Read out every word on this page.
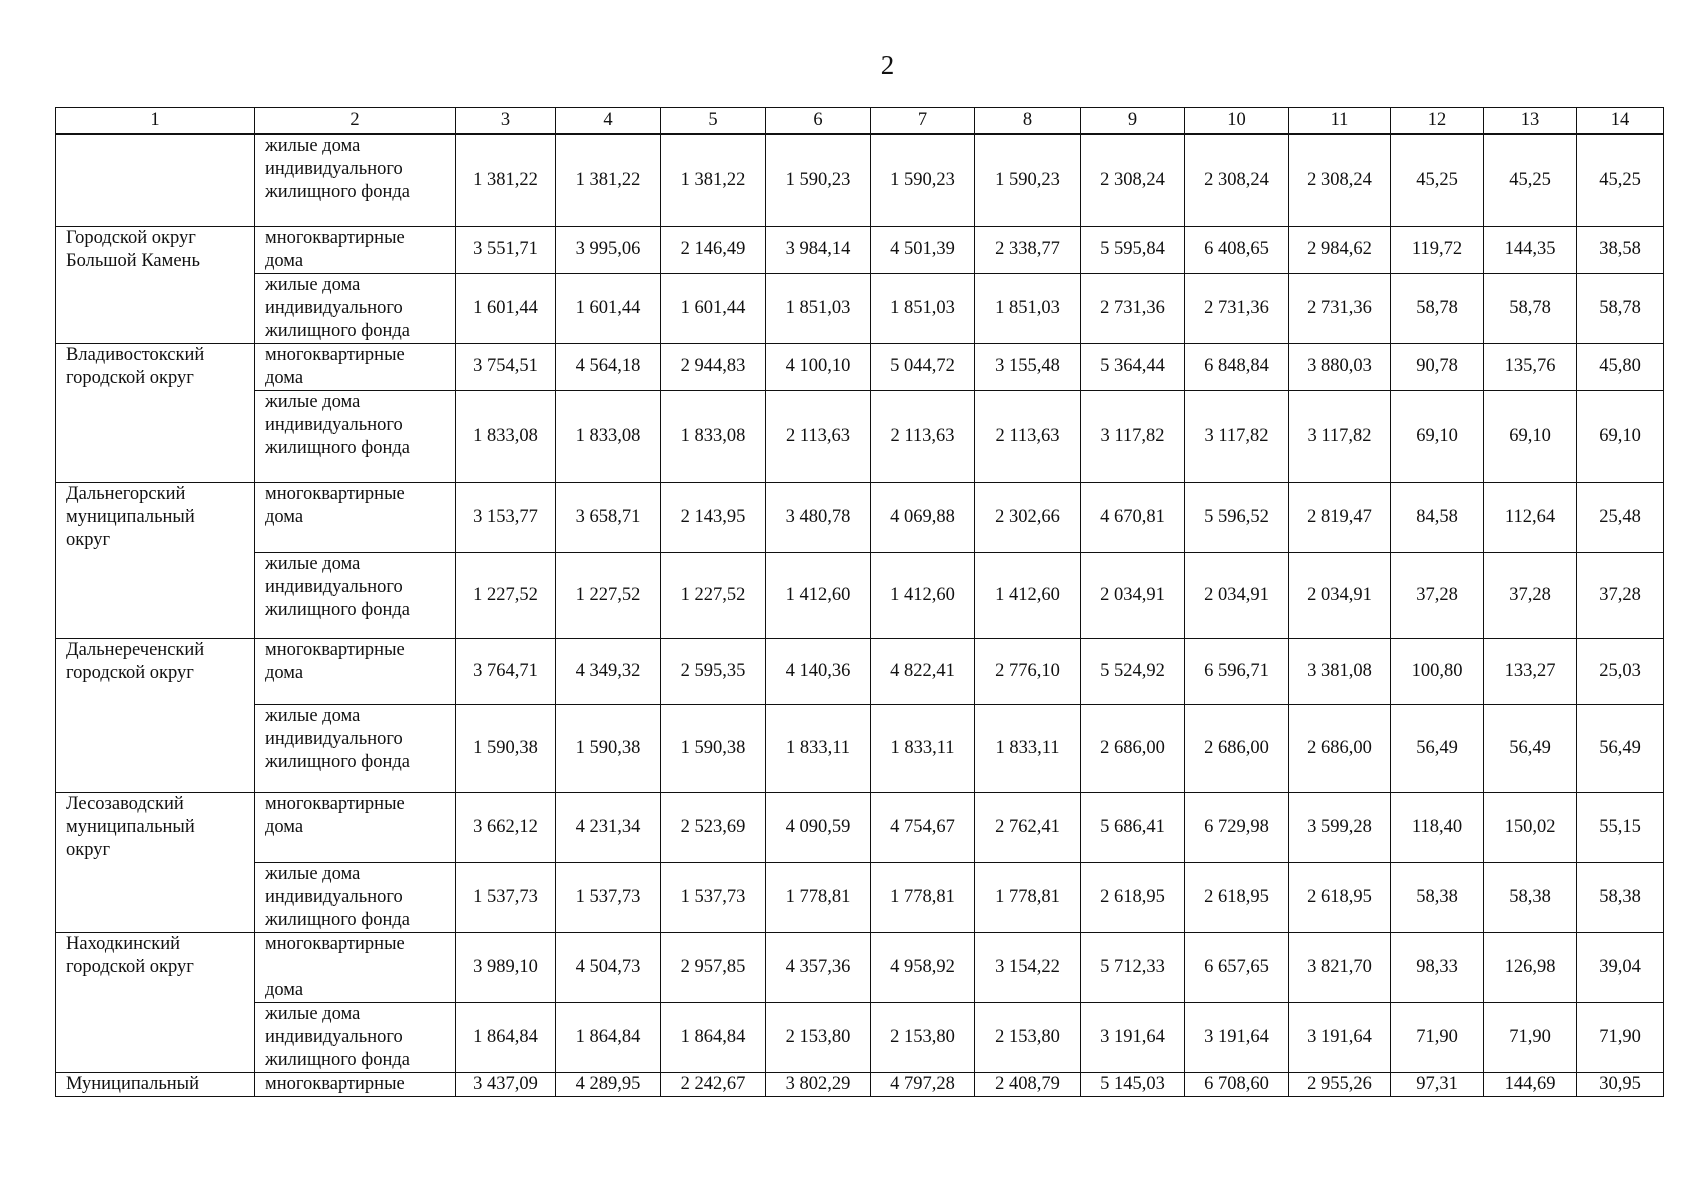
2
1	2	3	4	5	6	7	8	9	10	11	12	13	14

	жилые дома
индивидуального
жилищного фонда	1 381,22	1 381,22	1 381,22	1 590,23	1 590,23	1 590,23	2 308,24	2 308,24	2 308,24	45,25	45,25	45,25

Городской округ
Большой Камень	многоквартирные
дома	3 551,71	3 995,06	2 146,49	3 984,14	4 501,39	2 338,77	5 595,84	6 408,65	2 984,62	119,72	144,35	38,58

	жилые дома
индивидуального
жилищного фонда	1 601,44	1 601,44	1 601,44	1 851,03	1 851,03	1 851,03	2 731,36	2 731,36	2 731,36	58,78	58,78	58,78

Владивостокский
городской округ	многоквартирные
дома	3 754,51	4 564,18	2 944,83	4 100,10	5 044,72	3 155,48	5 364,44	6 848,84	3 880,03	90,78	135,76	45,80

	жилые дома
индивидуального
жилищного фонда	1 833,08	1 833,08	1 833,08	2 113,63	2 113,63	2 113,63	3 117,82	3 117,82	3 117,82	69,10	69,10	69,10

Дальнегорский
муниципальный
округ	многоквартирные
дома	3 153,77	3 658,71	2 143,95	3 480,78	4 069,88	2 302,66	4 670,81	5 596,52	2 819,47	84,58	112,64	25,48

	жилые дома
индивидуального
жилищного фонда	1 227,52	1 227,52	1 227,52	1 412,60	1 412,60	1 412,60	2 034,91	2 034,91	2 034,91	37,28	37,28	37,28

Дальнереченский
городской округ	многоквартирные
дома	3 764,71	4 349,32	2 595,35	4 140,36	4 822,41	2 776,10	5 524,92	6 596,71	3 381,08	100,80	133,27	25,03

	жилые дома
индивидуального
жилищного фонда	1 590,38	1 590,38	1 590,38	1 833,11	1 833,11	1 833,11	2 686,00	2 686,00	2 686,00	56,49	56,49	56,49

Лесозаводский
муниципальный
округ	многоквартирные
дома	3 662,12	4 231,34	2 523,69	4 090,59	4 754,67	2 762,41	5 686,41	6 729,98	3 599,28	118,40	150,02	55,15

	жилые дома
индивидуального
жилищного фонда	1 537,73	1 537,73	1 537,73	1 778,81	1 778,81	1 778,81	2 618,95	2 618,95	2 618,95	58,38	58,38	58,38

Находкинский
городской округ	многоквартирные
дома	3 989,10	4 504,73	2 957,85	4 357,36	4 958,92	3 154,22	5 712,33	6 657,65	3 821,70	98,33	126,98	39,04

	жилые дома
индивидуального
жилищного фонда	1 864,84	1 864,84	1 864,84	2 153,80	2 153,80	2 153,80	3 191,64	3 191,64	3 191,64	71,90	71,90	71,90

Муниципальный	многоквартирные	3 437,09	4 289,95	2 242,67	3 802,29	4 797,28	2 408,79	5 145,03	6 708,60	2 955,26	97,31	144,69	30,95
